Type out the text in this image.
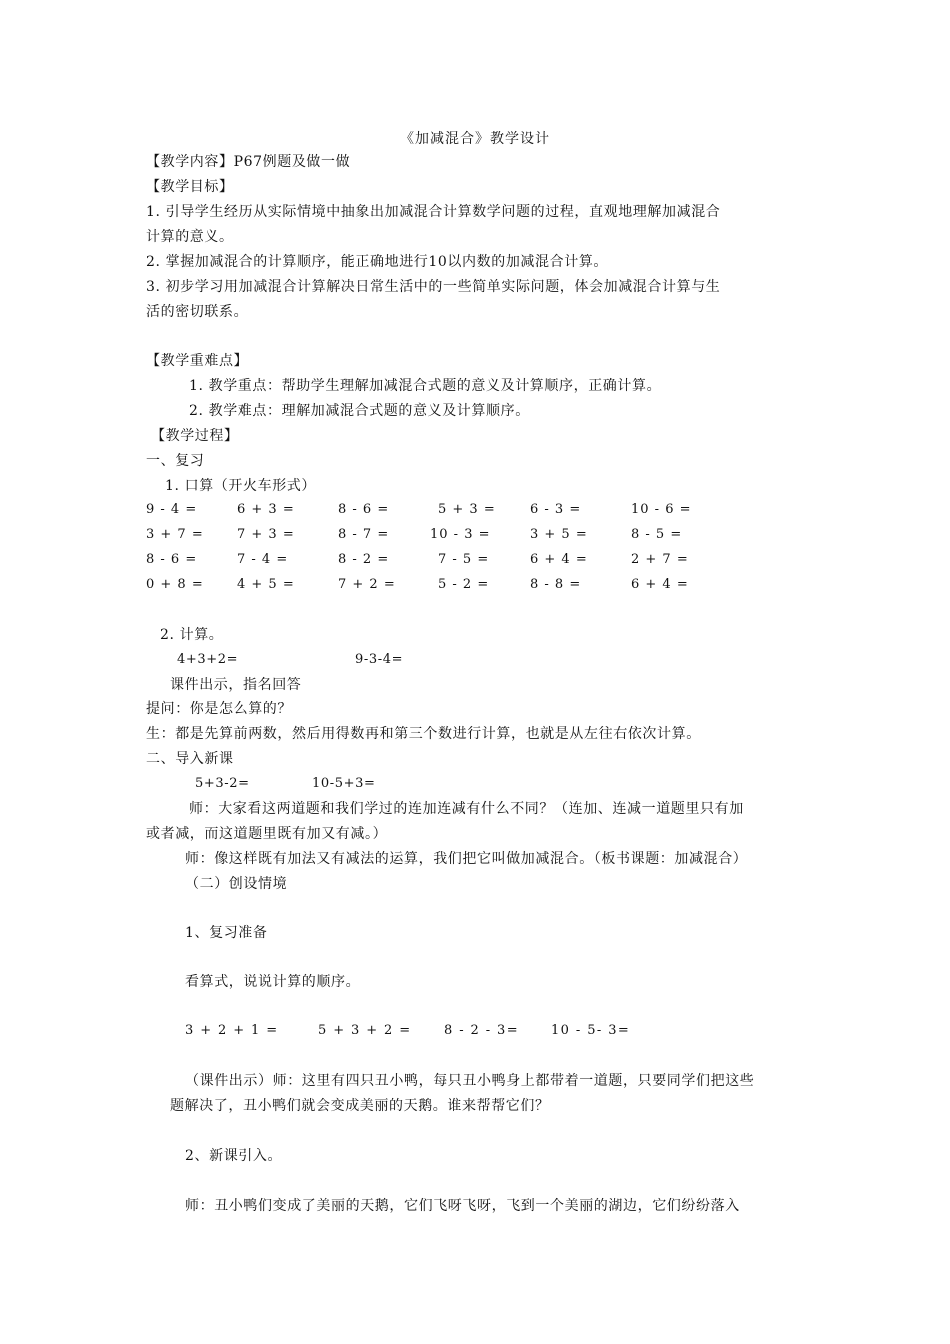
《加减混合》教学设计
【教学内容】P67例题及做一做
【教学目标】
1. 引导学生经历从实际情境中抽象出加减混合计算数学问题的过程，直观地理解加减混合
计算的意义。
2. 掌握加减混合的计算顺序，能正确地进行10以内数的加减混合计算。
3. 初步学习用加减混合计算解决日常生活中的一些简单实际问题，体会加减混合计算与生
活的密切联系。
【教学重难点】
1. 教学重点：帮助学生理解加减混合式题的意义及计算顺序，正确计算。
2. 教学难点：理解加减混合式题的意义及计算顺序。
【教学过程】
一、复习
1. 口算（开火车形式）
9 - 4 =	6 + 3 =	8 - 6 =	5 + 3 =	6 - 3 =	10 - 6 =
3 + 7 =	7 + 3 =	8 - 7 =	10 - 3 =	3 + 5 =	8 - 5 =
8 - 6 =	7 - 4 =	8 - 2 =	7 - 5 =	6 + 4 =	2 + 7 =
0 + 8 =	4 + 5 =	7 + 2 =	5 - 2 =	8 - 8 =	6 + 4 =
2. 计算。
4+3+2=	9-3-4=
课件出示，指名回答
提问：你是怎么算的？
生：都是先算前两数，然后用得数再和第三个数进行计算，也就是从左往右依次计算。
二、导入新课
5+3-2=	10-5+3=
师：大家看这两道题和我们学过的连加连减有什么不同？（连加、连减一道题里只有加
或者减，而这道题里既有加又有减。）
师：像这样既有加法又有减法的运算，我们把它叫做加减混合。（板书课题：加减混合）
（二）创设情境
1、复习准备
看算式，说说计算的顺序。
3 + 2 + 1 =	5 + 3 + 2 = 8 - 2 - 3= 10 - 5- 3=
（课件出示）师：这里有四只丑小鸭，每只丑小鸭身上都带着一道题，只要同学们把这些
题解决了，丑小鸭们就会变成美丽的天鹅。谁来帮帮它们？
2、新课引入。
师：丑小鸭们变成了美丽的天鹅，它们飞呀飞呀，飞到一个美丽的湖边，它们纷纷落入
